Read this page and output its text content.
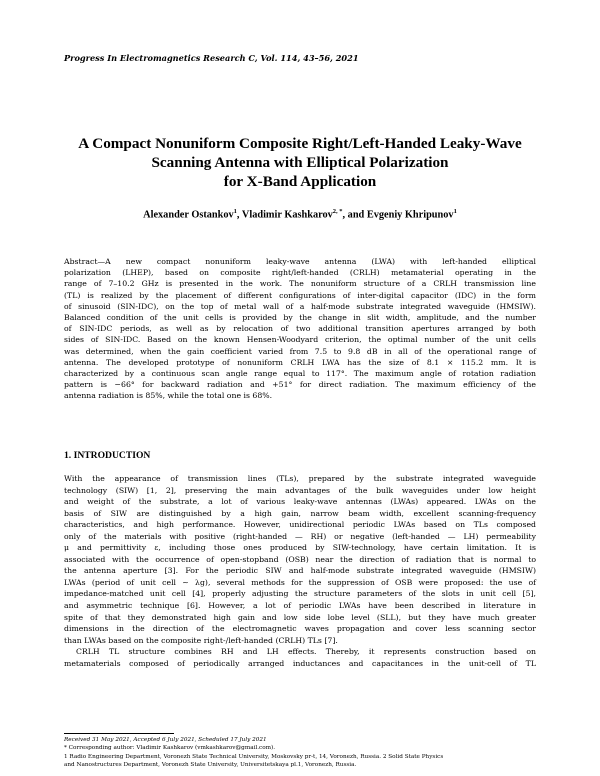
Progress In Electromagnetics Research C, Vol. 114, 43–56, 2021
A Compact Nonuniform Composite Right/Left-Handed Leaky-Wave
Scanning Antenna with Elliptical Polarization
for X-Band Application
Alexander Ostankov$^1$, Vladimir Kashkarov$^{2, *}$, and Evgeniy Khripunov$^1$
Abstract—A new compact nonuniform leaky-wave antenna (LWA) with left-handed elliptical
polarization (LHEP), based on composite right/left-handed (CRLH) metamaterial operating in the
range of 7–10.2 GHz is presented in the work. The nonuniform structure of a CRLH transmission line
(TL) is realized by the placement of different configurations of inter-digital capacitor (IDC) in the form
of sinusoid (SIN-IDC), on the top of metal wall of a half-mode substrate integrated waveguide (HMSIW).
Balanced condition of the unit cells is provided by the change in slit width, amplitude, and the number
of SIN-IDC periods, as well as by relocation of two additional transition apertures arranged by both
sides of SIN-IDC. Based on the known Hensen-Woodyard criterion, the optimal number of the unit cells
was determined, when the gain coefficient varied from 7.5 to 9.8 dB in all of the operational range of
antenna. The developed prototype of nonuniform CRLH LWA has the size of 8.1 × 115.2 mm. It is
characterized by a continuous scan angle range equal to 117°. The maximum angle of rotation radiation
pattern is −66° for backward radiation and +51° for direct radiation. The maximum efficiency of the
antenna radiation is 85%, while the total one is 68%.
1. INTRODUCTION
With the appearance of transmission lines (TLs), prepared by the substrate integrated waveguide
technology (SIW) [1, 2], preserving the main advantages of the bulk waveguides under low height
and weight of the substrate, a lot of various leaky-wave antennas (LWAs) appeared. LWAs on the
basis of SIW are distinguished by a high gain, narrow beam width, excellent scanning-frequency
characteristics, and high performance. However, unidirectional periodic LWAs based on TLs composed
only of the materials with positive (right-handed — RH) or negative (left-handed — LH) permeability
μ and permittivity ε, including those ones produced by SIW-technology, have certain limitation. It is
associated with the occurrence of open-stopband (OSB) near the direction of radiation that is normal to
the antenna aperture [3]. For the periodic SIW and half-mode substrate integrated waveguide (HMSIW)
LWAs (period of unit cell ∼ λg), several methods for the suppression of OSB were proposed: the use of
impedance-matched unit cell [4], properly adjusting the structure parameters of the slots in unit cell [5],
and asymmetric technique [6]. However, a lot of periodic LWAs have been described in literature in
spite of that they demonstrated high gain and low side lobe level (SLL), but they have much greater
dimensions in the direction of the electromagnetic waves propagation and cover less scanning sector
than LWAs based on the composite right-/left-handed (CRLH) TLs [7].
CRLH TL structure combines RH and LH effects. Thereby, it represents construction based on
metamaterials composed of periodically arranged inductances and capacitances in the unit-cell of TL
Received 31 May 2021, Accepted 6 July 2021, Scheduled 17 July 2021
* Corresponding author: Vladimir Kashkarov (vmkashkarov@gmail.com).
1 Radio Engineering Department, Voronezh State Technical University, Moskovsky pr-t, 14, Voronezh, Russia. 2 Solid State Physics
and Nanostructures Department, Voronezh State University, Universitetskaya pl.1, Voronezh, Russia.
